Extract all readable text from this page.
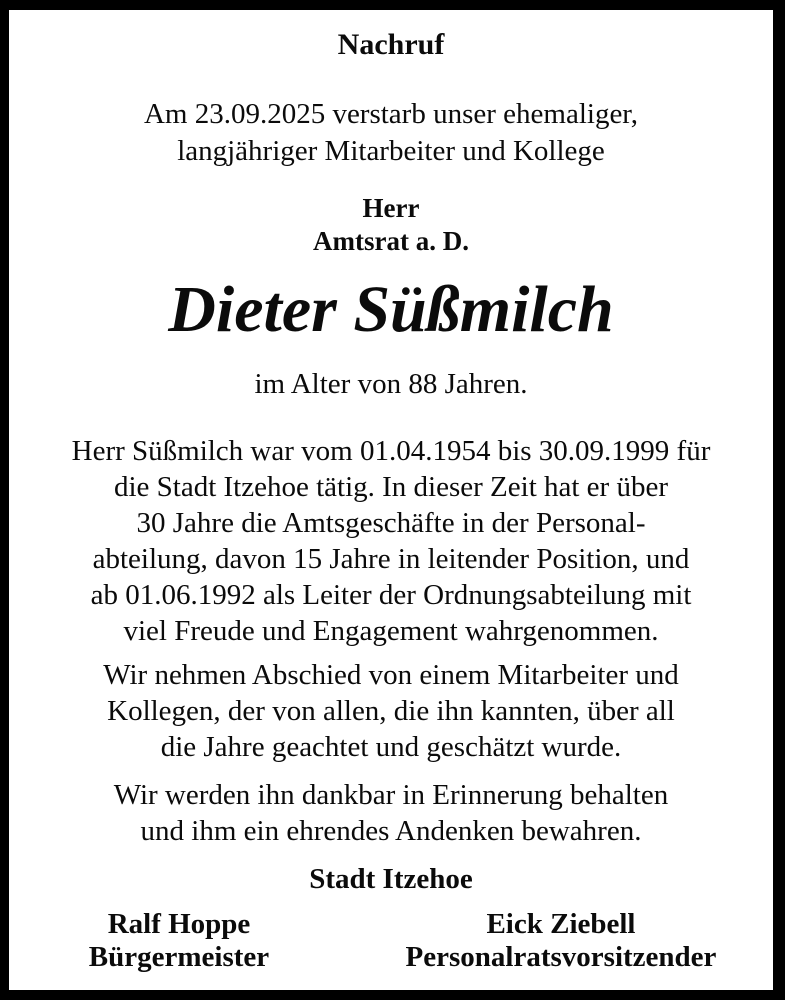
Nachruf

Am 23.09.2025 verstarb unser ehemaliger,
langjähriger Mitarbeiter und Kollege

Herr
Amtsrat a. D.
Dieter Süßmilch

im Alter von 88 Jahren.

Herr Süßmilch war vom 01.04.1954 bis 30.09.1999 für
die Stadt Itzehoe tätig. In dieser Zeit hat er über
30 Jahre die Amtsgeschäfte in der Personal-
abteilung, davon 15 Jahre in leitender Position, und
ab 01.06.1992 als Leiter der Ordnungsabteilung mit
viel Freude und Engagement wahrgenommen.
Wir nehmen Abschied von einem Mitarbeiter und
Kollegen, der von allen, die ihn kannten, über all
die Jahre geachtet und geschätzt wurde.
Wir werden ihn dankbar in Erinnerung behalten
und ihm ein ehrendes Andenken bewahren.
Stadt Itzehoe
Ralf Hoppe
Bürgermeister
Eick Ziebell
Personalratsvorsitzender
